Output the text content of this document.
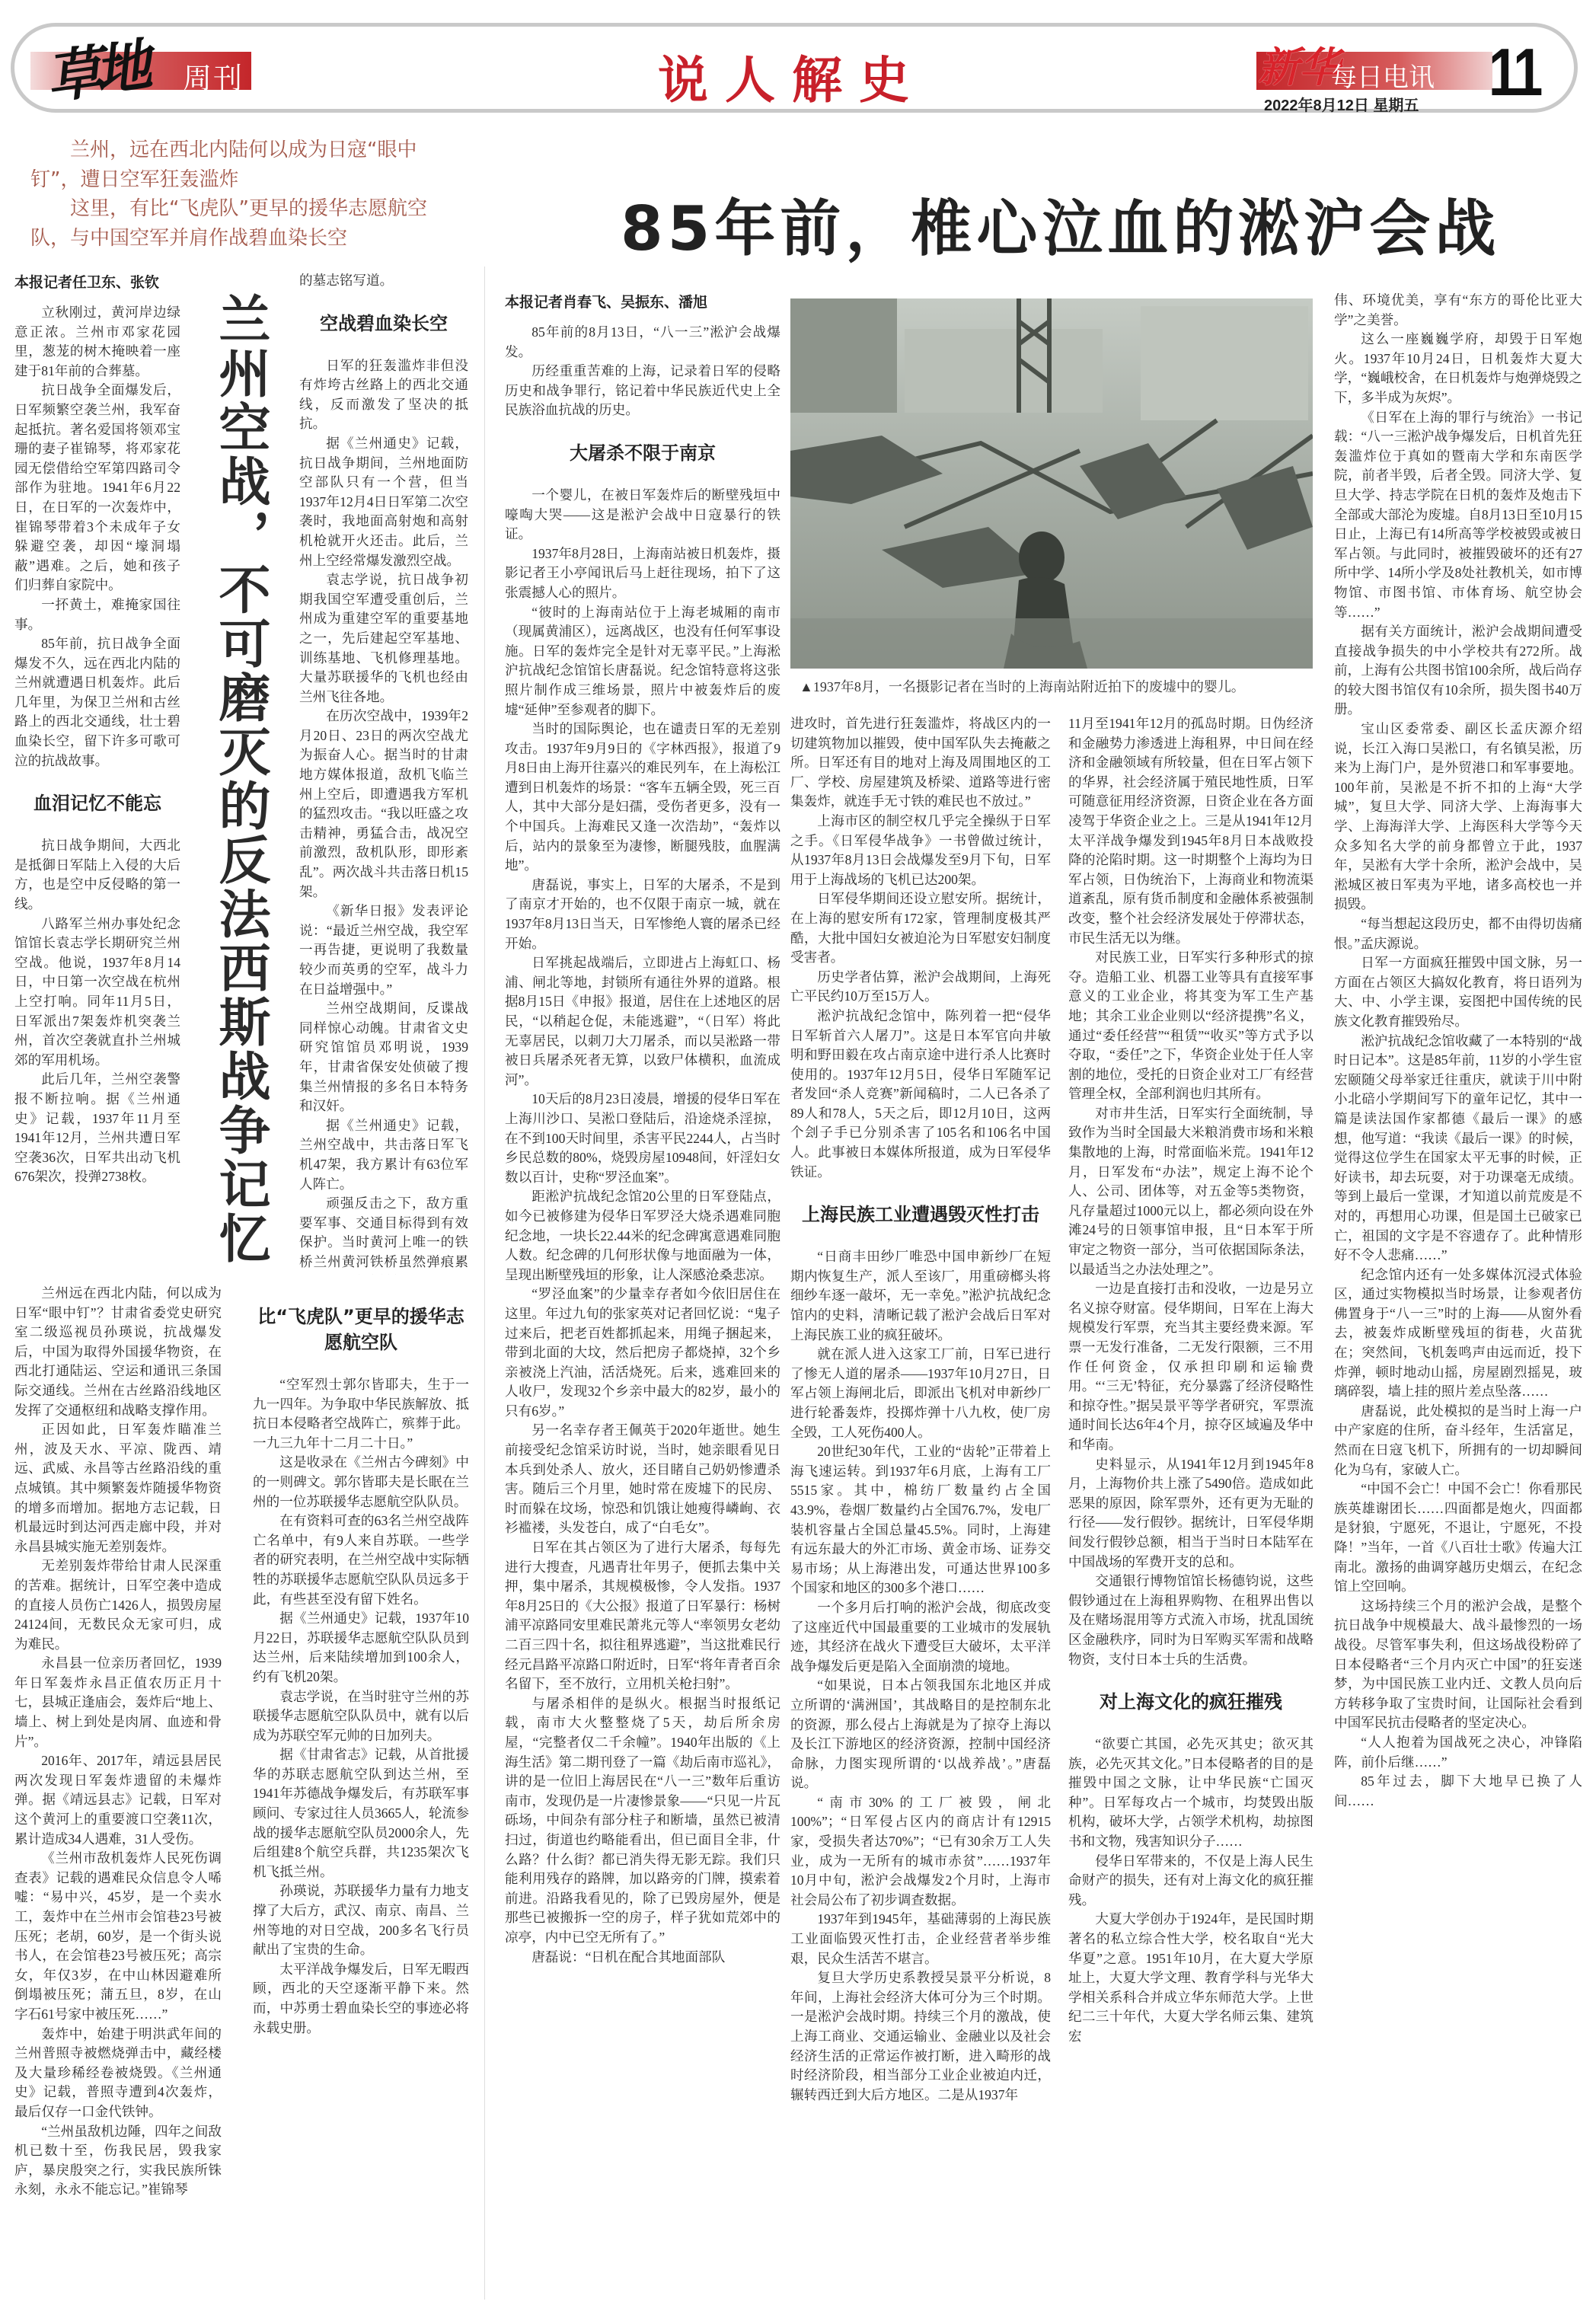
草地 周刊	说人解史	新华
每日电讯 11
2022年8月12日 星期五

兰州，远在西北内陆何以成为日寇“眼中钉”，遭日空军狂轰滥炸

这里，有比“飞虎队”更早的援华志愿航空队，与中国空军并肩作战碧血染长空

本报记者任卫东、张钦
兰州空战，不可磨灭的反法西斯战争记忆

立秋刚过，黄河岸边绿意正浓。兰州市邓家花园里，葱茏的树木掩映着一座建于81年前的合葬墓。

抗日战争全面爆发后，日军频繁空袭兰州，我军奋起抵抗。著名爱国将领邓宝珊的妻子崔锦琴，将邓家花园无偿借给空军第四路司令部作为驻地。1941年6月22日，在日军的一次轰炸中，崔锦琴带着3个未成年子女躲避空袭，却因“壕洞塌蔽”遇难。之后，她和孩子们归葬自家院中。

一抔黄土，难掩家国往事。

85年前，抗日战争全面爆发不久，远在西北内陆的兰州就遭遇日机轰炸。此后几年里，为保卫兰州和古丝路上的西北交通线，壮士碧血染长空，留下许多可歌可泣的抗战故事。

血泪记忆不能忘

抗日战争期间，大西北是抵御日军陆上入侵的大后方，也是空中反侵略的第一线。

八路军兰州办事处纪念馆馆长袁志学长期研究兰州空战。他说，1937年8月14日，中日第一次空战在杭州上空打响。同年11月5日，日军派出7架轰炸机突袭兰州，首次空袭就直扑兰州城郊的军用机场。

此后几年，兰州空袭警报不断拉响。据《兰州通史》记载，1937年11月至1941年12月，兰州共遭日军空袭36次，日军共出动飞机676架次，投弹2738枚。

兰州远在西北内陆，何以成为日军“眼中钉”？甘肃省委党史研究室二级巡视员孙瑛说，抗战爆发后，中国为取得外国援华物资，在西北打通陆运、空运和通讯三条国际交通线。兰州在古丝路沿线地区发挥了交通枢纽和战略支撑作用。

正因如此，日军轰炸瞄准兰州，波及天水、平凉、陇西、靖远、武威、永昌等古丝路沿线的重点城镇。其中频繁轰炸随援华物资的增多而增加。据地方志记载，日机最远时到达河西走廊中段，并对永昌县城实施无差别轰炸。

无差别轰炸带给甘肃人民深重的苦难。据统计，日军空袭中造成的直接人员伤亡1426人，损毁房屋24124间，无数民众无家可归，成为难民。

永昌县一位亲历者回忆，1939年日军轰炸永昌正值农历正月十七，县城正逢庙会，轰炸后“地上、墙上、树上到处是肉屑、血迹和骨片”。

2016年、2017年，靖远县居民两次发现日军轰炸遗留的未爆炸弹。据《靖远县志》记载，日军对这个黄河上的重要渡口空袭11次，累计造成34人遇难，31人受伤。

《兰州市敌机轰炸人民死伤调查表》记载的遇难民众信息令人唏嘘：“易中兴，45岁，是一个卖水工，轰炸中在兰州市会馆巷23号被压死；老胡，60岁，是一个街头说书人，在会馆巷23号被压死；高宗女，年仅3岁，在中山林因避难所倒塌被压死；蒲五旦，8岁，在山字石61号家中被压死……”

轰炸中，始建于明洪武年间的兰州普照寺被燃烧弹击中，藏经楼及大量珍稀经卷被烧毁。《兰州通史》记载，普照寺遭到4次轰炸，最后仅存一口金代铁钟。

“兰州虽敌机边陲，四年之间敌机已数十至，伤我民居，毁我家庐，暴戾殷突之行，实我民族所铢永刻，永永不能忘记。”崔锦琴

的墓志铭写道。

空战碧血染长空

日军的狂轰滥炸非但没有炸垮古丝路上的西北交通线，反而激发了坚决的抵抗。

据《兰州通史》记载，抗日战争期间，兰州地面防空部队只有一个营，但当1937年12月4日日军第二次空袭时，我地面高射炮和高射机枪就开火还击。此后，兰州上空经常爆发激烈空战。

袁志学说，抗日战争初期我国空军遭受重创后，兰州成为重建空军的重要基地之一，先后建起空军基地、训练基地、飞机修理基地。大量苏联援华的飞机也经由兰州飞往各地。

在历次空战中，1939年2月20日、23日的两次空战尤为振奋人心。据当时的甘肃地方媒体报道，敌机飞临兰州上空后，即遭遇我方军机的猛烈攻击。“我以旺盛之攻击精神，勇猛合击，战况空前激烈，敌机队形，即形紊乱”。两次战斗共击落日机15架。

《新华日报》发表评论说：“最近兰州空战，我空军一再告捷，更说明了我数量较少而英勇的空军，战斗力在日益增强中。”

兰州空战期间，反谍战同样惊心动魄。甘肃省文史研究馆馆员邓明说，1939年，甘肃省保安处侦破了搜集兰州情报的多名日本特务和汉奸。

据《兰州通史》记载，兰州空战中，共击落日军飞机47架，我方累计有63位军人阵亡。

顽强反击之下，敌方重要军事、交通目标得到有效保护。当时黄河上唯一的铁桥兰州黄河铁桥虽然弹痕累

比“飞虎队”更早的援华志愿航空队

“空军烈士郭尔皆耶夫，生于一九一四年。为争取中华民族解放、抵抗日本侵略者空战阵亡，殡葬于此。一九三九年十二月二十日。”

这是收录在《兰州古今碑刻》中的一则碑文。郭尔皆耶夫是长眠在兰州的一位苏联援华志愿航空队队员。

在有资料可查的63名兰州空战阵亡名单中，有9人来自苏联。一些学者的研究表明，在兰州空战中实际牺牲的苏联援华志愿航空队队员远多于此，有些甚至没有留下姓名。

据《兰州通史》记载，1937年10月22日，苏联援华志愿航空队队员到达兰州，后来陆续增加到100余人，约有飞机20架。

袁志学说，在当时驻守兰州的苏联援华志愿航空队队员中，就有以后成为苏联空军元帅的日加列夫。

据《甘肃省志》记载，从首批援华的苏联志愿航空队到达兰州，至1941年苏德战争爆发后，有苏联军事顾问、专家过往人员3665人，轮流参战的援华志愿航空队员2000余人，先后组建8个航空兵群，共1235架次飞机飞抵兰州。

孙瑛说，苏联援华力量有力地支撑了大后方，武汉、南京、南昌、兰州等地的对日空战，200多名飞行员献出了宝贵的生命。

太平洋战争爆发后，日军无暇西顾，西北的天空逐渐平静下来。然而，中苏勇士碧血染长空的事迹必将永载史册。

85年前，椎心泣血的淞沪会战
本报记者肖春飞、吴振东、潘旭

85年前的8月13日，“八一三”淞沪会战爆发。

历经重重苦难的上海，记录着日军的侵略历史和战争罪行，铭记着中华民族近代史上全民族浴血抗战的历史。

大屠杀不限于南京

一个婴儿，在被日军轰炸后的断壁残垣中嚎啕大哭——这是淞沪会战中日寇暴行的铁证。

1937年8月28日，上海南站被日机轰炸，摄影记者王小亭闻讯后马上赶往现场，拍下了这张震撼人心的照片。

“彼时的上海南站位于上海老城厢的南市（现属黄浦区），远离战区，也没有任何军事设施。日军的轰炸完全是针对无辜平民。”上海淞沪抗战纪念馆馆长唐磊说。纪念馆特意将这张照片制作成三维场景，照片中被轰炸后的废墟“延伸”至参观者的脚下。

当时的国际舆论，也在谴责日军的无差别攻击。1937年9月9日的《字林西报》，报道了9月8日由上海开往嘉兴的难民列车，在上海松江遭到日机轰炸的场景：“客车五辆全毁，死三百人，其中大部分是妇孺，受伤者更多，没有一个中国兵。上海难民又逢一次浩劫”，“轰炸以后，站内的景象至为凄惨，断腿残肢，血腥满地”。

唐磊说，事实上，日军的大屠杀，不是到了南京才开始的，也不仅限于南京一城，就在1937年8月13日当天，日军惨绝人寰的屠杀已经开始。

日军挑起战端后，立即进占上海虹口、杨浦、闸北等地，封锁所有通往外界的道路。根据8月15日《申报》报道，居住在上述地区的居民，“以稍起仓促，未能逃避”，“（日军）将此无辜居民，以刺刀大刀屠杀，而以吴淞路一带被日兵屠杀死者无算，以致尸体横积，血流成河”。

10天后的8月23日凌晨，增援的侵华日军在上海川沙口、吴淞口登陆后，沿途烧杀淫掠，在不到100天时间里，杀害平民2244人，占当时乡民总数的80%，烧毁房屋10948间，奸淫妇女数以百计，史称“罗泾血案”。

距淞沪抗战纪念馆20公里的日军登陆点，如今已被修建为侵华日军罗泾大烧杀遇难同胞纪念地，一块长22.44米的纪念碑寓意遇难同胞人数。纪念碑的几何形状像与地面融为一体，呈现出断壁残垣的形象，让人深感沧桑悲凉。

“罗泾血案”的少量幸存者如今依旧居住在这里。年过九旬的张家英对记者回忆说：“鬼子过来后，把老百姓都抓起来，用绳子捆起来，带到北面的大坟，然后把房子都烧掉，32个乡亲被浇上汽油，活活烧死。后来，逃难回来的人收尸，发现32个乡亲中最大的82岁，最小的只有6岁。”

另一名幸存者王佩英于2020年逝世。她生前接受纪念馆采访时说，当时，她亲眼看见日本兵到处杀人、放火，还目睹自己奶奶惨遭杀害。随后三个月里，她时常在废墟下的民房、时而躲在坟场，惊恐和饥饿让她瘦得嶙峋、衣衫褴褛，头发苍白，成了“白毛女”。

日军在其占领区为了进行大屠杀，每每先进行大搜查，凡遇青壮年男子，便抓去集中关押，集中屠杀，其规模极惨，令人发指。1937年8月25日的《大公报》报道了日军暴行：杨树浦平凉路同安里难民萧兆元等人“率领男女老幼二百三四十名，拟往租界逃避”，当这批难民行经元昌路平凉路口附近时，日军“将年青者百余名留下，至不放行，立用机关枪扫射”。

与屠杀相伴的是纵火。根据当时报纸记载，南市大火整整烧了5天，劫后所余房屋，“完整者仅二千余幢”。1940年出版的《上海生活》第二期刊登了一篇《劫后南市巡礼》，讲的是一位旧上海居民在“八一三”数年后重访南市，发现仍是一片凄惨景象——“只见一片瓦砾场，中间杂有部分柱子和断墙，虽然已被清扫过，街道也约略能看出，但已面目全非，什么路？什么街？都已消失得无影无踪。我们只能利用残存的路牌，加以路旁的门牌，摸索着前进。沿路我看见的，除了已毁房屋外，便是那些已被搬拆一空的房子，样子犹如荒郊中的凉亭，内中已空无所有了。”

唐磊说：“日机在配合其地面部队

▲1937年8月，一名摄影记者在当时的上海南站附近拍下的废墟中的婴儿。

进攻时，首先进行狂轰滥炸，将战区内的一切建筑物加以摧毁，使中国军队失去掩蔽之所。日军还有目的地对上海及周围地区的工厂、学校、房屋建筑及桥梁、道路等进行密集轰炸，就连手无寸铁的难民也不放过。”

上海市区的制空权几乎完全操纵于日军之手。《日军侵华战争》一书曾做过统计，从1937年8月13日会战爆发至9月下旬，日军用于上海战场的飞机已达200架。

日军侵华期间还设立慰安所。据统计，在上海的慰安所有172家，管理制度极其严酷，大批中国妇女被迫沦为日军慰安妇制度受害者。

历史学者估算，淞沪会战期间，上海死亡平民约10万至15万人。

淞沪抗战纪念馆中，陈列着一把“侵华日军斩首六人屠刀”。这是日本军官向井敏明和野田毅在攻占南京途中进行杀人比赛时使用的。1937年12月5日，侵华日军随军记者发回“杀人竞赛”新闻稿时，二人已各杀了89人和78人，5天之后，即12月10日，这两个刽子手已分别杀害了105名和106名中国人。此事被日本媒体所报道，成为日军侵华铁证。

上海民族工业遭遇毁灭性打击

“日商丰田纱厂唯恐中国申新纱厂在短期内恢复生产，派人至该厂，用重磅榔头将细纱车逐一敲坏，无一幸免。”淞沪抗战纪念馆内的史料，清晰记载了淞沪会战后日军对上海民族工业的疯狂破坏。

就在派人进入这家工厂前，日军已进行了惨无人道的屠杀——1937年10月27日，日军占领上海闸北后，即派出飞机对申新纱厂进行轮番轰炸，投掷炸弹十八九枚，使厂房全毁，工人死伤400人。

20世纪30年代，工业的“齿轮”正带着上海飞速运转。到1937年6月底，上海有工厂5515家。其中，棉纺厂数量约占全国43.9%，卷烟厂数量约占全国76.7%，发电厂装机容量占全国总量45.5%。同时，上海建有远东最大的外汇市场、黄金市场、证券交易市场；从上海港出发，可通达世界100多个国家和地区的300多个港口……

一个多月后打响的淞沪会战，彻底改变了这座近代中国最重要的工业城市的发展轨迹，其经济在战火下遭受巨大破坏，太平洋战争爆发后更是陷入全面崩溃的境地。

“如果说，日本占领我国东北地区并成立所谓的‘满洲国’，其战略目的是控制东北的资源，那么侵占上海就是为了掠夺上海以及长江下游地区的经济资源，控制中国经济命脉，力图实现所谓的‘以战养战’。”唐磊说。

“南市30%的工厂被毁，闸北100%”；“日军侵占区内的商店计有12915家，受损失者达70%”；“已有30余万工人失业，成为一无所有的城市赤贫”……1937年10月中旬，淞沪会战爆发2个月时，上海市社会局公布了初步调查数据。

1937年到1945年，基础薄弱的上海民族工业面临毁灭性打击，企业经营者举步维艰，民众生活苦不堪言。

复旦大学历史系教授吴景平分析说，8年间，上海社会经济大体可分为三个时期。一是淞沪会战时期。持续三个月的激战，使上海工商业、交通运输业、金融业以及社会经济生活的正常运作被打断，进入畸形的战时经济阶段，相当部分工业企业被迫内迁，辗转西迁到大后方地区。二是从1937年

11月至1941年12月的孤岛时期。日伪经济和金融势力渗透进上海租界，中日间在经济和金融领域有所较量，但在日军占领下的华界，社会经济属于殖民地性质，日军可随意征用经济资源，日资企业在各方面凌驾于华资企业之上。三是从1941年12月太平洋战争爆发到1945年8月日本战败投降的沦陷时期。这一时期整个上海均为日军占领，日伪统治下，上海商业和物流渠道紊乱，原有货币制度和金融体系被强制改变，整个社会经济发展处于停滞状态，市民生活无以为继。

对民族工业，日军实行多种形式的掠夺。造船工业、机器工业等具有直接军事意义的工业企业，将其变为军工生产基地；其余工业企业则以“经济提携”名义，通过“委任经营”“租赁”“收买”等方式予以夺取，“委任”之下，华资企业处于任人宰割的地位，受托的日资企业对工厂有经营管理全权，全部利润也归其所有。

对市井生活，日军实行全面统制，导致作为当时全国最大米粮消费市场和米粮集散地的上海，时常面临米荒。1941年12月，日军发布“办法”，规定上海不论个人、公司、团体等，对五金等5类物资，凡存量超过1000元以上，都必须向设在外滩24号的日领事馆申报，且“日本军于所审定之物资一部分，当可依据国际条法，以最适当之办法处理之”。

一边是直接打击和没收，一边是另立名义掠夺财富。侵华期间，日军在上海大规模发行军票，充当其主要经费来源。军票一无发行准备，二无发行限额，三不用作任何资金，仅承担印刷和运输费用。“‘三无’特征，充分暴露了经济侵略性和掠夺性。”据吴景平等学者研究，军票流通时间长达6年4个月，掠夺区域遍及华中和华南。

史料显示，从1941年12月到1945年8月，上海物价共上涨了5490倍。造成如此恶果的原因，除军票外，还有更为无耻的行径——发行假钞。据统计，日军侵华期间发行假钞总额，相当于当时日本陆军在中国战场的军费开支的总和。

交通银行博物馆馆长杨德钧说，这些假钞通过在上海租界购物、在租界出售以及在赌场混用等方式流入市场，扰乱国统区金融秩序，同时为日军购买军需和战略物资，支付日本士兵的生活费。

对上海文化的疯狂摧残

“欲要亡其国，必先灭其史；欲灭其族，必先灭其文化。”日本侵略者的目的是摧毁中国之文脉，让中华民族“亡国灭种”。日军每攻占一个城市，均焚毁出版机构，破坏大学，占领学术机构，劫掠图书和文物，残害知识分子……

侵华日军带来的，不仅是上海人民生命财产的损失，还有对上海文化的疯狂摧残。

大夏大学创办于1924年，是民国时期著名的私立综合性大学，校名取自“光大华夏”之意。1951年10月，在大夏大学原址上，大夏大学文理、教育学科与光华大学相关系科合并成立华东师范大学。上世纪二三十年代，大夏大学名师云集、建筑宏

伟、环境优美，享有“东方的哥伦比亚大学”之美誉。

这么一座巍巍学府，却毁于日军炮火。1937年10月24日，日机轰炸大夏大学，“巍峨校舍，在日机轰炸与炮弹烧毁之下，多半成为灰烬”。

《日军在上海的罪行与统治》一书记载：“八一三淞沪战争爆发后，日机首先狂轰滥炸位于真如的暨南大学和东南医学院，前者半毁，后者全毁。同济大学、复旦大学、持志学院在日机的轰炸及炮击下全部或大部沦为废墟。自8月13日至10月15日止，上海已有14所高等学校被毁或被日军占领。与此同时，被摧毁破坏的还有27所中学、14所小学及8处社教机关，如市博物馆、市图书馆、市体育场、航空协会等……”

据有关方面统计，淞沪会战期间遭受直接战争损失的中小学校共有272所。战前，上海有公共图书馆100余所，战后尚存的较大图书馆仅有10余所，损失图书40万册。

宝山区委常委、副区长孟庆源介绍说，长江入海口吴淞口，有名镇吴淞，历来为上海门户，是外贸港口和军事要地。100年前，吴淞是不折不扣的上海“大学城”，复旦大学、同济大学、上海海事大学、上海海洋大学、上海医科大学等今天众多知名大学的前身都曾立于此，1937年，吴淞有大学十余所，淞沪会战中，吴淞城区被日军夷为平地，诸多高校也一并损毁。

“每当想起这段历史，都不由得切齿痛恨。”孟庆源说。

日军一方面疯狂摧毁中国文脉，另一方面在占领区大搞奴化教育，将日语列为大、中、小学主课，妄图把中国传统的民族文化教育摧毁殆尽。

淞沪抗战纪念馆收藏了一本特别的“战时日记本”。这是85年前，11岁的小学生宦宏颐随父母举家迁往重庆，就读于川中附小北碚小学期间写下的童年记忆，其中一篇是读法国作家都德《最后一课》的感想，他写道：“我读《最后一课》的时候，觉得这位学生在国家太平无事的时候，正好读书，却去玩耍，对于功课毫无成绩。等到上最后一堂课，才知道以前荒废是不对的，再想用心功课，但是国土已破家已亡，祖国的文字是不容遗存了。此种情形好不令人悲痛……”

纪念馆内还有一处多媒体沉浸式体验区，通过实物模拟当时场景，让参观者仿佛置身于“八一三”时的上海——从窗外看去，被轰炸成断壁残垣的街巷，火苗犹在；突然间，飞机轰鸣声由远而近，投下炸弹，顿时地动山摇，房屋剧烈摇晃，玻璃碎裂，墙上挂的照片差点坠落……

唐磊说，此处模拟的是当时上海一户中产家庭的住所，奋斗经年，生活富足，然而在日寇飞机下，所拥有的一切却瞬间化为乌有，家破人亡。

“中国不会亡！中国不会亡！你看那民族英雄谢团长……四面都是炮火，四面都是豺狼，宁愿死，不退让，宁愿死，不投降！”当年，一首《八百壮士歌》传遍大江南北。激扬的曲调穿越历史烟云，在纪念馆上空回响。

这场持续三个月的淞沪会战，是整个抗日战争中规模最大、战斗最惨烈的一场战役。尽管军事失利，但这场战役粉碎了日本侵略者“三个月内灭亡中国”的狂妄迷梦，为中国民族工业内迁、文教人员向后方转移争取了宝贵时间，让国际社会看到中国军民抗击侵略者的坚定决心。

“人人抱着为国战死之决心，冲锋陷阵，前仆后继……”

85年过去，脚下大地早已换了人间……
